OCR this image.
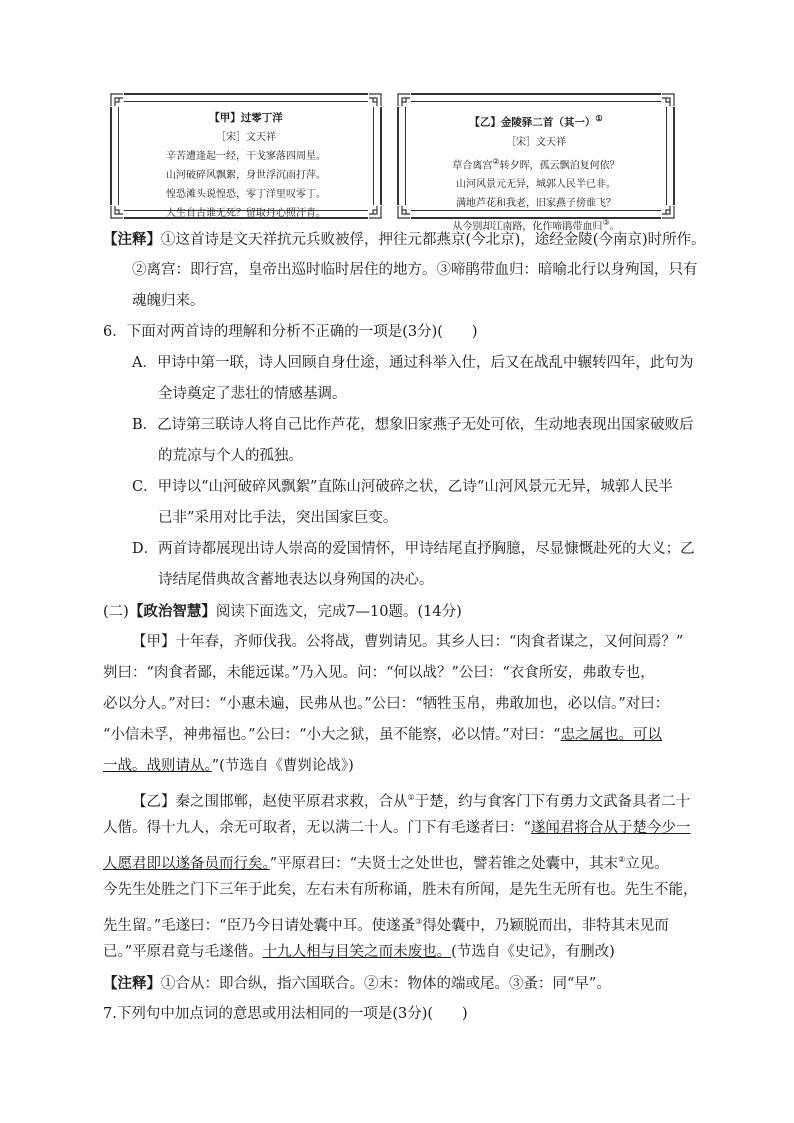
【甲】过零丁洋
［宋］文天祥
辛苦遭逢起一经，干戈寥落四周星。
山河破碎风飘絮，身世浮沉雨打萍。
惶恐滩头说惶恐，零丁洋里叹零丁。
人生自古谁无死？留取丹心照汗青。
【乙】金陵驿二首（其一）①
［宋］文天祥
草合离宫②转夕晖，孤云飘泊复何依？
山河风景元无异，城郭人民半已非。
满地芦花和我老，旧家燕子傍谁飞？
从今别却江南路，化作啼鹃带血归③。
【注释】①这首诗是文天祥抗元兵败被俘，押往元都燕京(今北京)，途经金陵(今南京)时所作。
②离宫：即行宫，皇帝出巡时临时居住的地方。③啼鹃带血归：暗喻北行以身殉国，只有
魂魄归来。
6．下面对两首诗的理解和分析不正确的一项是(3分)(　　)
A．甲诗中第一联，诗人回顾自身仕途，通过科举入仕，后又在战乱中辗转四年，此句为
全诗奠定了悲壮的情感基调。
B．乙诗第三联诗人将自己比作芦花，想象旧家燕子无处可依，生动地表现出国家破败后
的荒凉与个人的孤独。
C．甲诗以“山河破碎风飘絮”直陈山河破碎之状，乙诗“山河风景元无异，城郭人民半
已非”采用对比手法，突出国家巨变。
D．两首诗都展现出诗人崇高的爱国情怀，甲诗结尾直抒胸臆，尽显慷慨赴死的大义；乙
诗结尾借典故含蓄地表达以身殉国的决心。
(二)【政治智慧】阅读下面选文，完成7—10题。(14分)
【甲】十年春，齐师伐我。公将战，曹刿请见。其乡人曰：“肉食者谋之，又何间焉？”
刿曰：“肉食者鄙，未能远谋。”乃入见。问：“何以战？”公曰：“衣食所安，弗敢专也，
必以分人。”对曰：“小惠未遍，民弗从也。”公曰：“牺牲玉帛，弗敢加也，必以信。”对曰：
“小信未孚，神弗福也。”公曰：“小大之狱，虽不能察，必以情。”对曰：“忠之属也。可以
一战。战则请从。”(节选自《曹刿论战》)
【乙】秦之围邯郸，赵使平原君求救，合从①于楚，约与食客门下有勇力文武备具者二十
人偕。得十九人，余无可取者，无以满二十人。门下有毛遂者曰：“遂闻君将合从于楚今少一
人愿君即以遂备员而行矣。”平原君曰：“夫贤士之处世也，譬若锥之处囊中，其末②立见。
今先生处胜之门下三年于此矣，左右未有所称诵，胜未有所闻，是先生无所有也。先生不能，
先生留。”毛遂曰：“臣乃今日请处囊中耳。使遂蚤③得处囊中，乃颖脱而出，非特其末见而
已。”平原君竟与毛遂偕。十九人相与目笑之而未废也。(节选自《史记》，有删改)
【注释】①合从：即合纵，指六国联合。②末：物体的端或尾。③蚤：同“早”。
7.下列句中加点词的意思或用法相同的一项是(3分)(　　)
